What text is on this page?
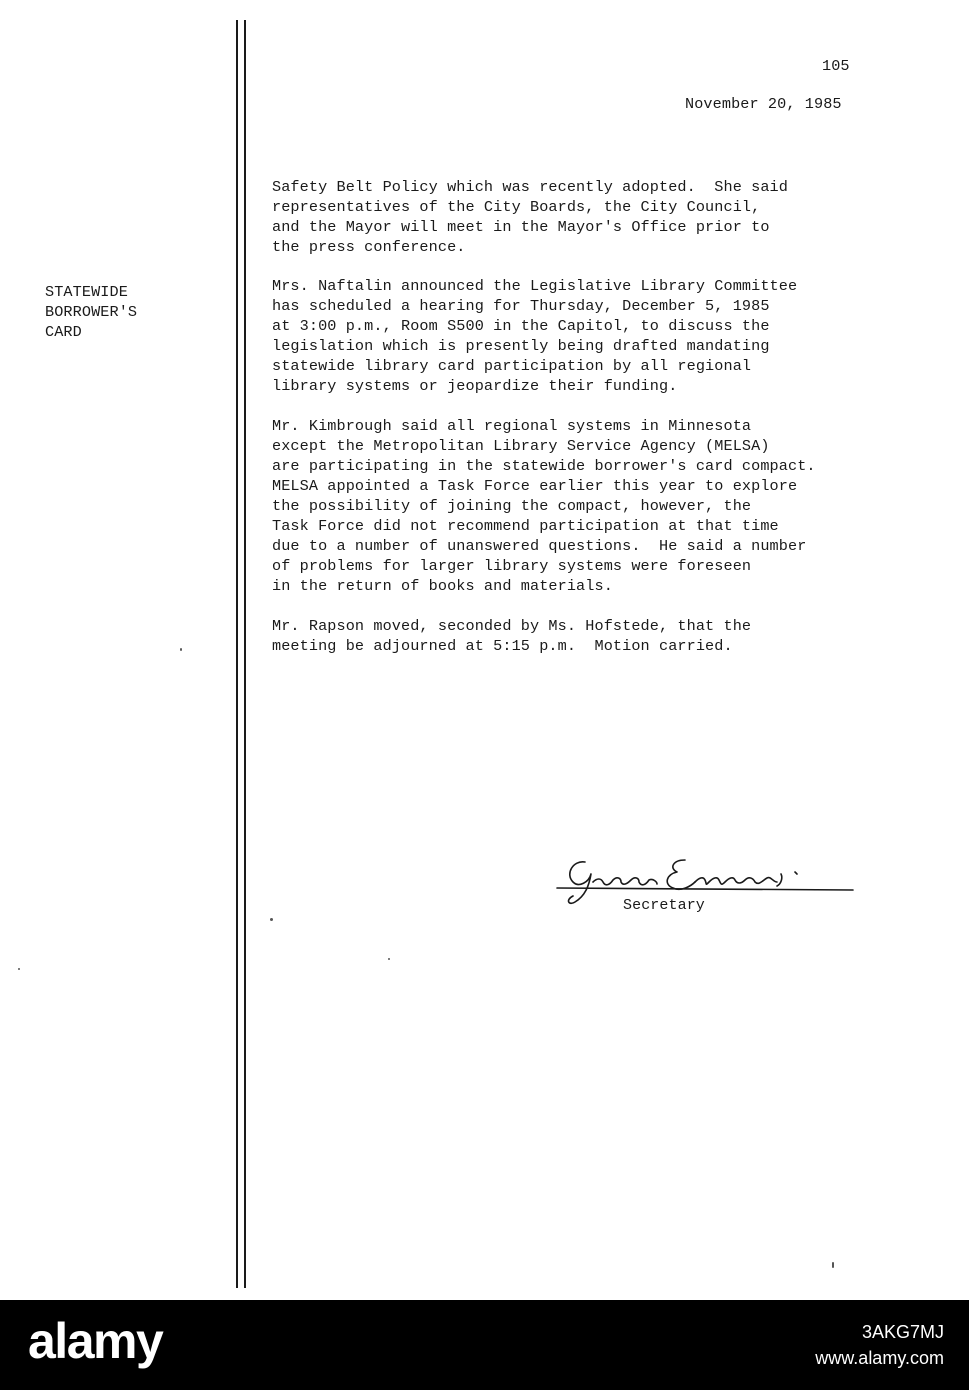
105
November 20, 1985
STATEWIDE
BORROWER'S
CARD
Safety Belt Policy which was recently adopted.  She said
representatives of the City Boards, the City Council,
and the Mayor will meet in the Mayor's Office prior to
the press conference.
Mrs. Naftalin announced the Legislative Library Committee
has scheduled a hearing for Thursday, December 5, 1985
at 3:00 p.m., Room S500 in the Capitol, to discuss the
legislation which is presently being drafted mandating
statewide library card participation by all regional
library systems or jeopardize their funding.
Mr. Kimbrough said all regional systems in Minnesota
except the Metropolitan Library Service Agency (MELSA)
are participating in the statewide borrower's card compact.
MELSA appointed a Task Force earlier this year to explore
the possibility of joining the compact, however, the
Task Force did not recommend participation at that time
due to a number of unanswered questions.  He said a number
of problems for larger library systems were foreseen
in the return of books and materials.
Mr. Rapson moved, seconded by Ms. Hofstede, that the
meeting be adjourned at 5:15 p.m.  Motion carried.
Secretary
alamy	3AKG7MJ
www.alamy.com
